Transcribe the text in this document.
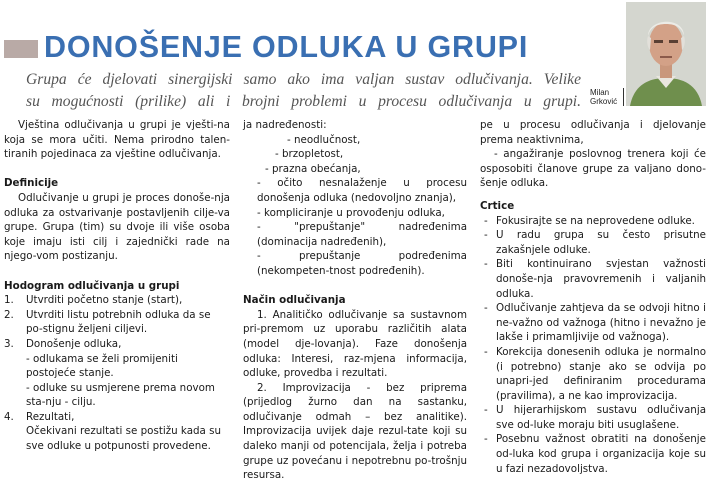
DONOŠENJE ODLUKA U GRUPI
Grupa će djelovati sinergijski samo ako ima valjan sustav odlučivanja. Velike
su mogućnosti (prilike) ali i brojni problemi u procesu odlučivanja u grupi.
Milan
Grković

Vještina odlučivanja u grupi je vješti-na koja se mora učiti. Nema prirodno talen-tiranih pojedinaca za vještine odlučivanja.

Definicije

Odlučivanje u grupi je proces donoše-nja odluka za ostvarivanje postavljenih cilje-va grupe. Grupa (tim) su dvoje ili više osoba koje imaju isti cilj i zajednički rade na njego-vom postizanju.

Hodogram odlučivanja u grupi

1. Utvrditi početno stanje (start),
2. Utvrditi listu potrebnih odluka da se po-stignu željeni ciljevi.
3. Donošenje odluka,

- odlukama se želi promijeniti postojeće stanje.

- odluke su usmjerene prema novom sta-nju - cilju.

4. Rezultati,

Očekivani rezultati se postižu kada su sve odluke u potpunosti provedene.

ja nadređenosti:

- neodlučnost,
- brzopletost,
- prazna obećanja,
- očito nesnalaženje u procesu donošenja odluka (nedovoljno znanja),
- kompliciranje u provođenju odluka,
- "prepuštanje" nadređenima (dominacija nadređenih),
- prepuštanje podređenima (nekompeten-tnost podređenih).

Način odlučivanja

1. Analitičko odlučivanje sa sustavnom pri-premom uz uporabu različitih alata (model dje-lovanja). Faze donošenja odluka: Interesi, raz-mjena informacija, odluke, provedba i rezultati.

2. Improvizacija - bez priprema (prijedlog žurno dan na sastanku, odlučivanje odmah – bez analitike). Improvizacija uvijek daje rezul-tate koji su daleko manji od potencijala, želja i potreba grupe uz povećanu i nepotrebnu po-trošnju resursa.

pe u procesu odlučivanja i djelovanje prema neaktivnima,

- angažiranje poslovnog trenera koji će osposobiti članove grupe za valjano dono-šenje odluka.

Crtice

- Fokusirajte se na neprovedene odluke.
- U radu grupa su često prisutne zakašnjele odluke.
- Biti kontinuirano svjestan važnosti donoše-nja pravovremenih i valjanih odluka.
- Odlučivanje zahtjeva da se odvoji hitno i ne-važno od važnoga (hitno i nevažno je lakše i primamljivije od važnoga).
- Korekcija donesenih odluka je normalno (i potrebno) stanje ako se odvija po unapri-jed definiranim procedurama (pravilima), a ne kao improvizacija.
- U hijerarhijskom sustavu odlučivanja sve od-luke moraju biti usuglašene.
- Posebnu važnost obratiti na donošenje od-luka kod grupa i organizacija koje su u fazi nezadovoljstva.
